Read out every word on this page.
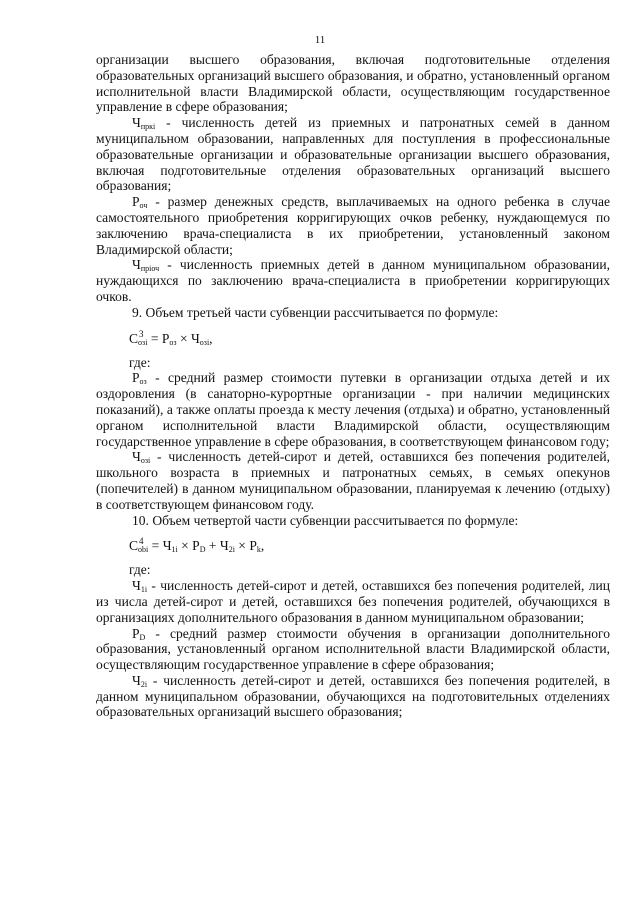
11

организации высшего образования, включая подготовительные отделения образовательных организаций высшего образования, и обратно, установленный органом исполнительной власти Владимирской области, осуществляющим государственное управление в сфере образования;

$Ч_{пркi}$ - численность детей из приемных и патронатных семей в данном муниципальном образовании, направленных для поступления в профессиональные образовательные организации и образовательные организации высшего образования, включая подготовительные отделения образовательных организаций высшего образования;

$Р_{оч}$ - размер денежных средств, выплачиваемых на одного ребенка в случае самостоятельного приобретения корригирующих очков ребенку, нуждающемуся по заключению врача-специалиста в их приобретении, установленный законом Владимирской области;

$Ч_{пріоч}$ - численность приемных детей в данном муниципальном образовании, нуждающихся по заключению врача-специалиста в приобретении корригирующих очков.

9. Объем третьей части субвенции рассчитывается по формуле:

С 3
$_{озі} = Р_{оз} \times Ч_{озі}$,

где:

$Р_{оз}$ - средний размер стоимости путевки в организации отдыха детей и их оздоровления (в санаторно-курортные организации - при наличии медицинских показаний), а также оплаты проезда к месту лечения (отдыха) и обратно, установленный органом исполнительной власти Владимирской области, осуществляющим государственное управление в сфере образования, в соответствующем финансовом году;

$Ч_{озі}$ - численность детей-сирот и детей, оставшихся без попечения родителей, школьного возраста в приемных и патронатных семьях, в семьях опекунов (попечителей) в данном муниципальном образовании, планируемая к лечению (отдыху) в соответствующем финансовом году.

10. Объем четвертой части субвенции рассчитывается по формуле:

С 4
$_{obi} = Ч_{1i} \times P_D + Ч_{2i} \times P_k$,

где:

$Ч_{1i}$ - численность детей-сирот и детей, оставшихся без попечения родителей, лиц из числа детей-сирот и детей, оставшихся без попечения родителей, обучающихся в организациях дополнительного образования в данном муниципальном образовании;

$P_D$ - средний размер стоимости обучения в организации дополнительного образования, установленный органом исполнительной власти Владимирской области, осуществляющим государственное управление в сфере образования;

$Ч_{2i}$ - численность детей-сирот и детей, оставшихся без попечения родителей, в данном муниципальном образовании, обучающихся на подготовительных отделениях образовательных организаций высшего образования;
